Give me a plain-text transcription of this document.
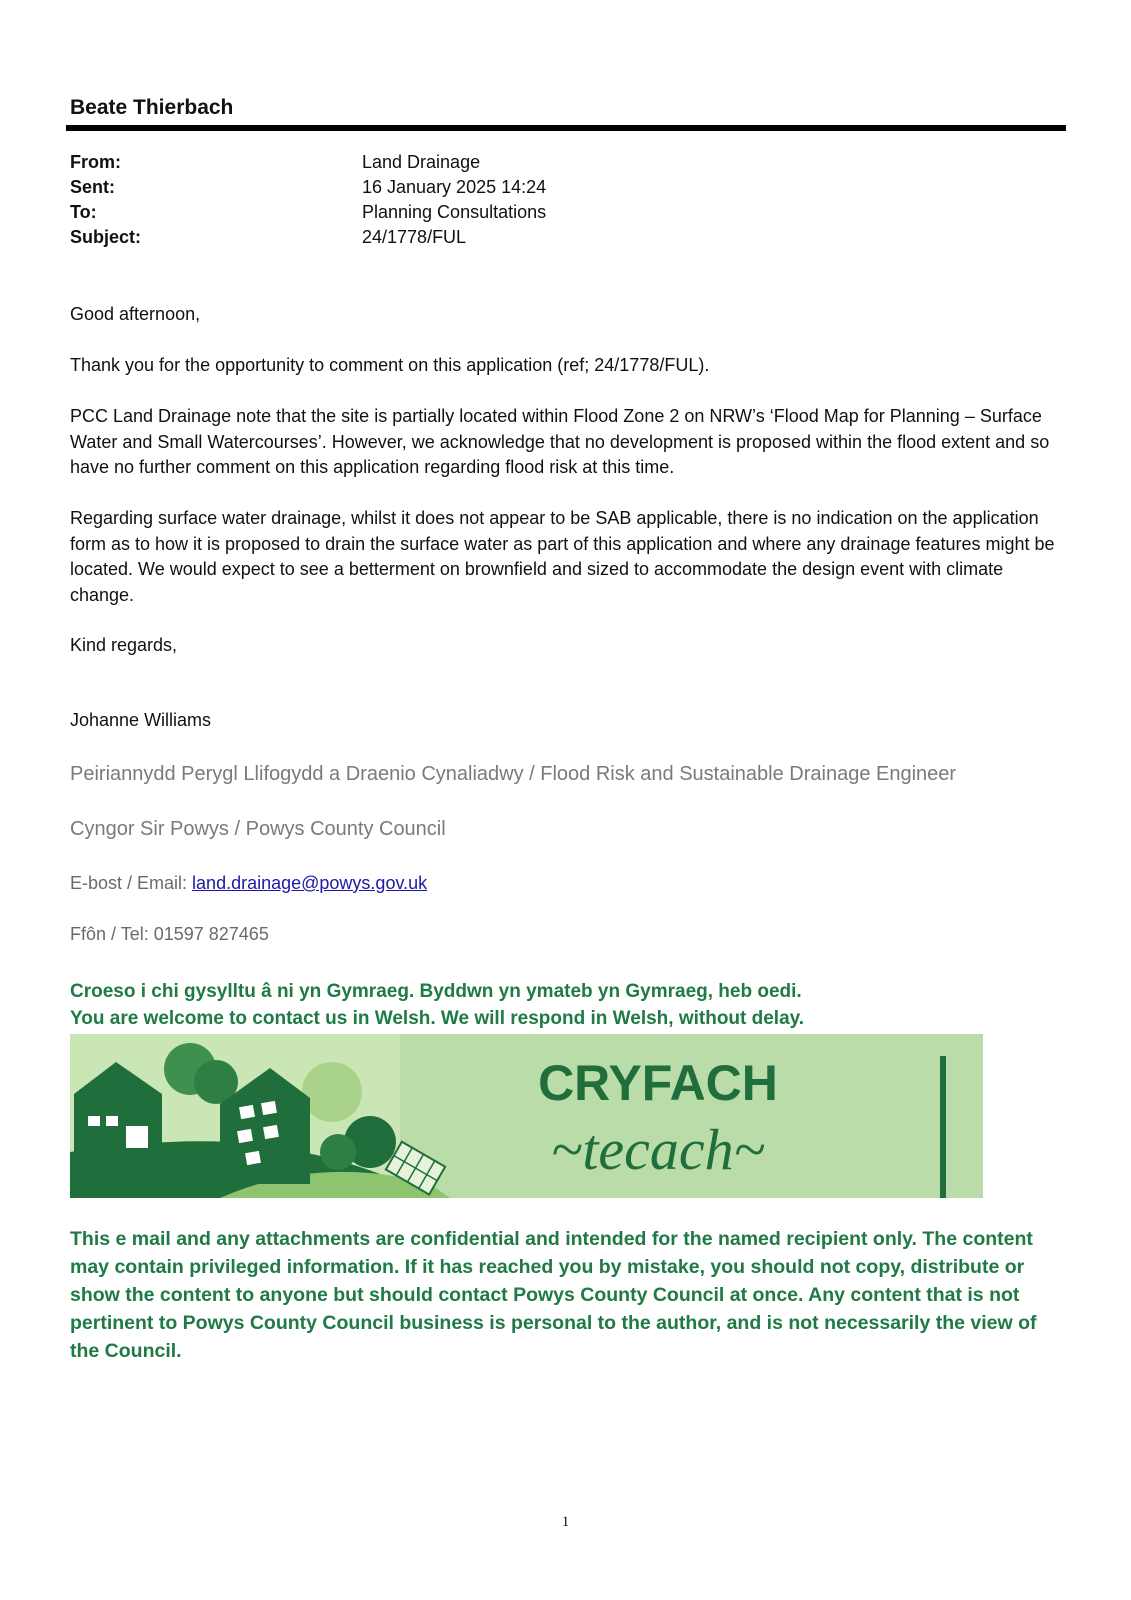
Beate Thierbach
From:	Land Drainage
Sent:	16 January 2025 14:24
To:	Planning Consultations
Subject:	24/1778/FUL
Good afternoon,
Thank you for the opportunity to comment on this application (ref; 24/1778/FUL).
PCC Land Drainage note that the site is partially located within Flood Zone 2 on NRW’s ‘Flood Map for Planning – Surface Water and Small Watercourses’. However, we acknowledge that no development is proposed within the flood extent and so have no further comment on this application regarding flood risk at this time.
Regarding surface water drainage, whilst it does not appear to be SAB applicable, there is no indication on the application form as to how it is proposed to drain the surface water as part of this application and where any drainage features might be located. We would expect to see a betterment on brownfield and sized to accommodate the design event with climate change.
Kind regards,
Johanne Williams
Peiriannydd Perygl Llifogydd a Draenio Cynaliadwy / Flood Risk and Sustainable Drainage Engineer
Cyngor Sir Powys / Powys County Council
E-bost / Email: land.drainage@powys.gov.uk
Ffôn / Tel: 01597 827465
Croeso i chi gysylltu â ni yn Gymraeg. Byddwn yn ymateb yn Gymraeg, heb oedi.
You are welcome to contact us in Welsh. We will respond in Welsh, without delay.
CRYFACH
~tecach~
This e mail and any attachments are confidential and intended for the named recipient only. The content may contain privileged information. If it has reached you by mistake, you should not copy, distribute or show the content to anyone but should contact Powys County Council at once. Any content that is not pertinent to Powys County Council business is personal to the author, and is not necessarily the view of the Council.
1
